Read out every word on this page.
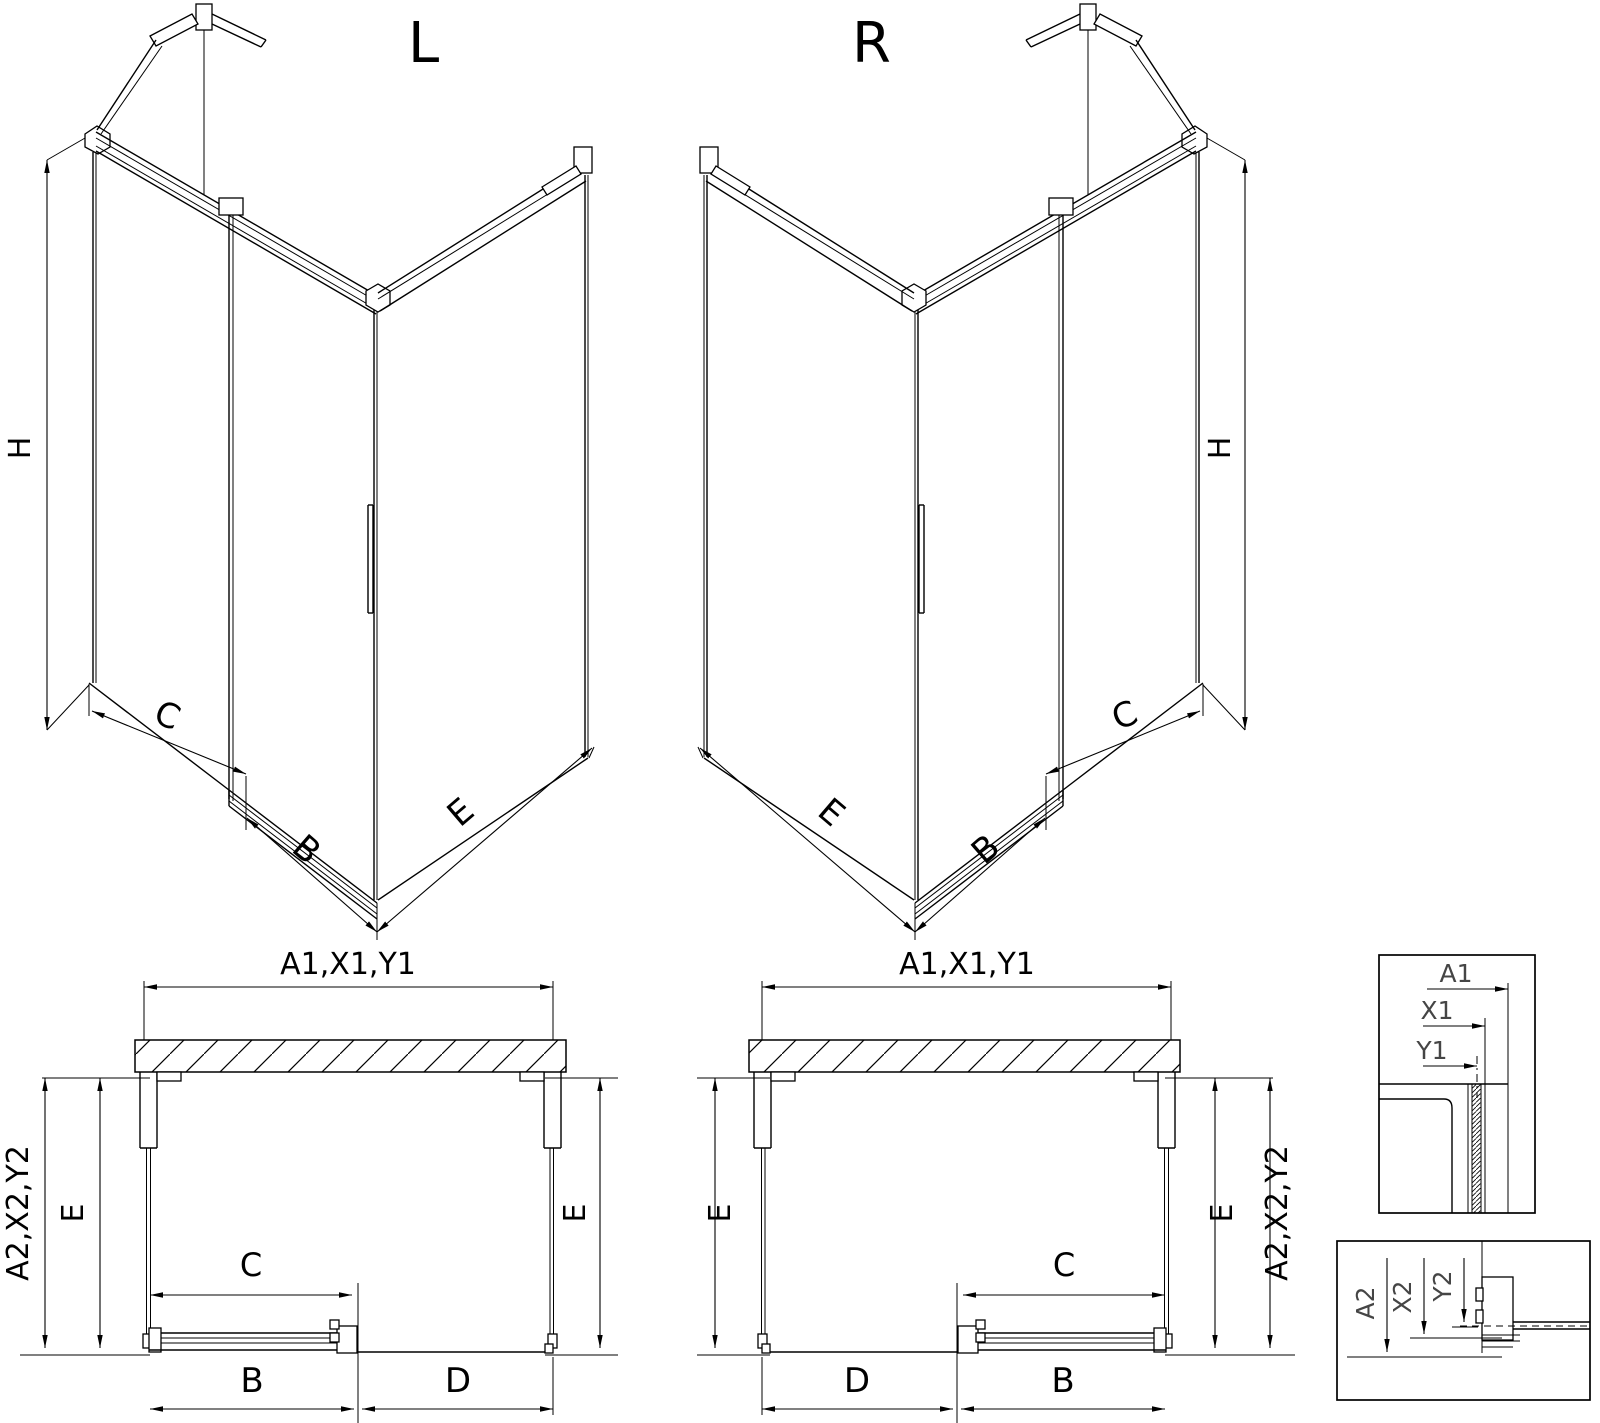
L
H
C
B
E
R
H
E
B
C
A1,X1,Y1
A2,X2,Y2 E	E
C
B	D
A1,X1,Y1
E	E A2,X2,Y2
C
D	B
A1
X1
Y1
A2 X2 Y2
